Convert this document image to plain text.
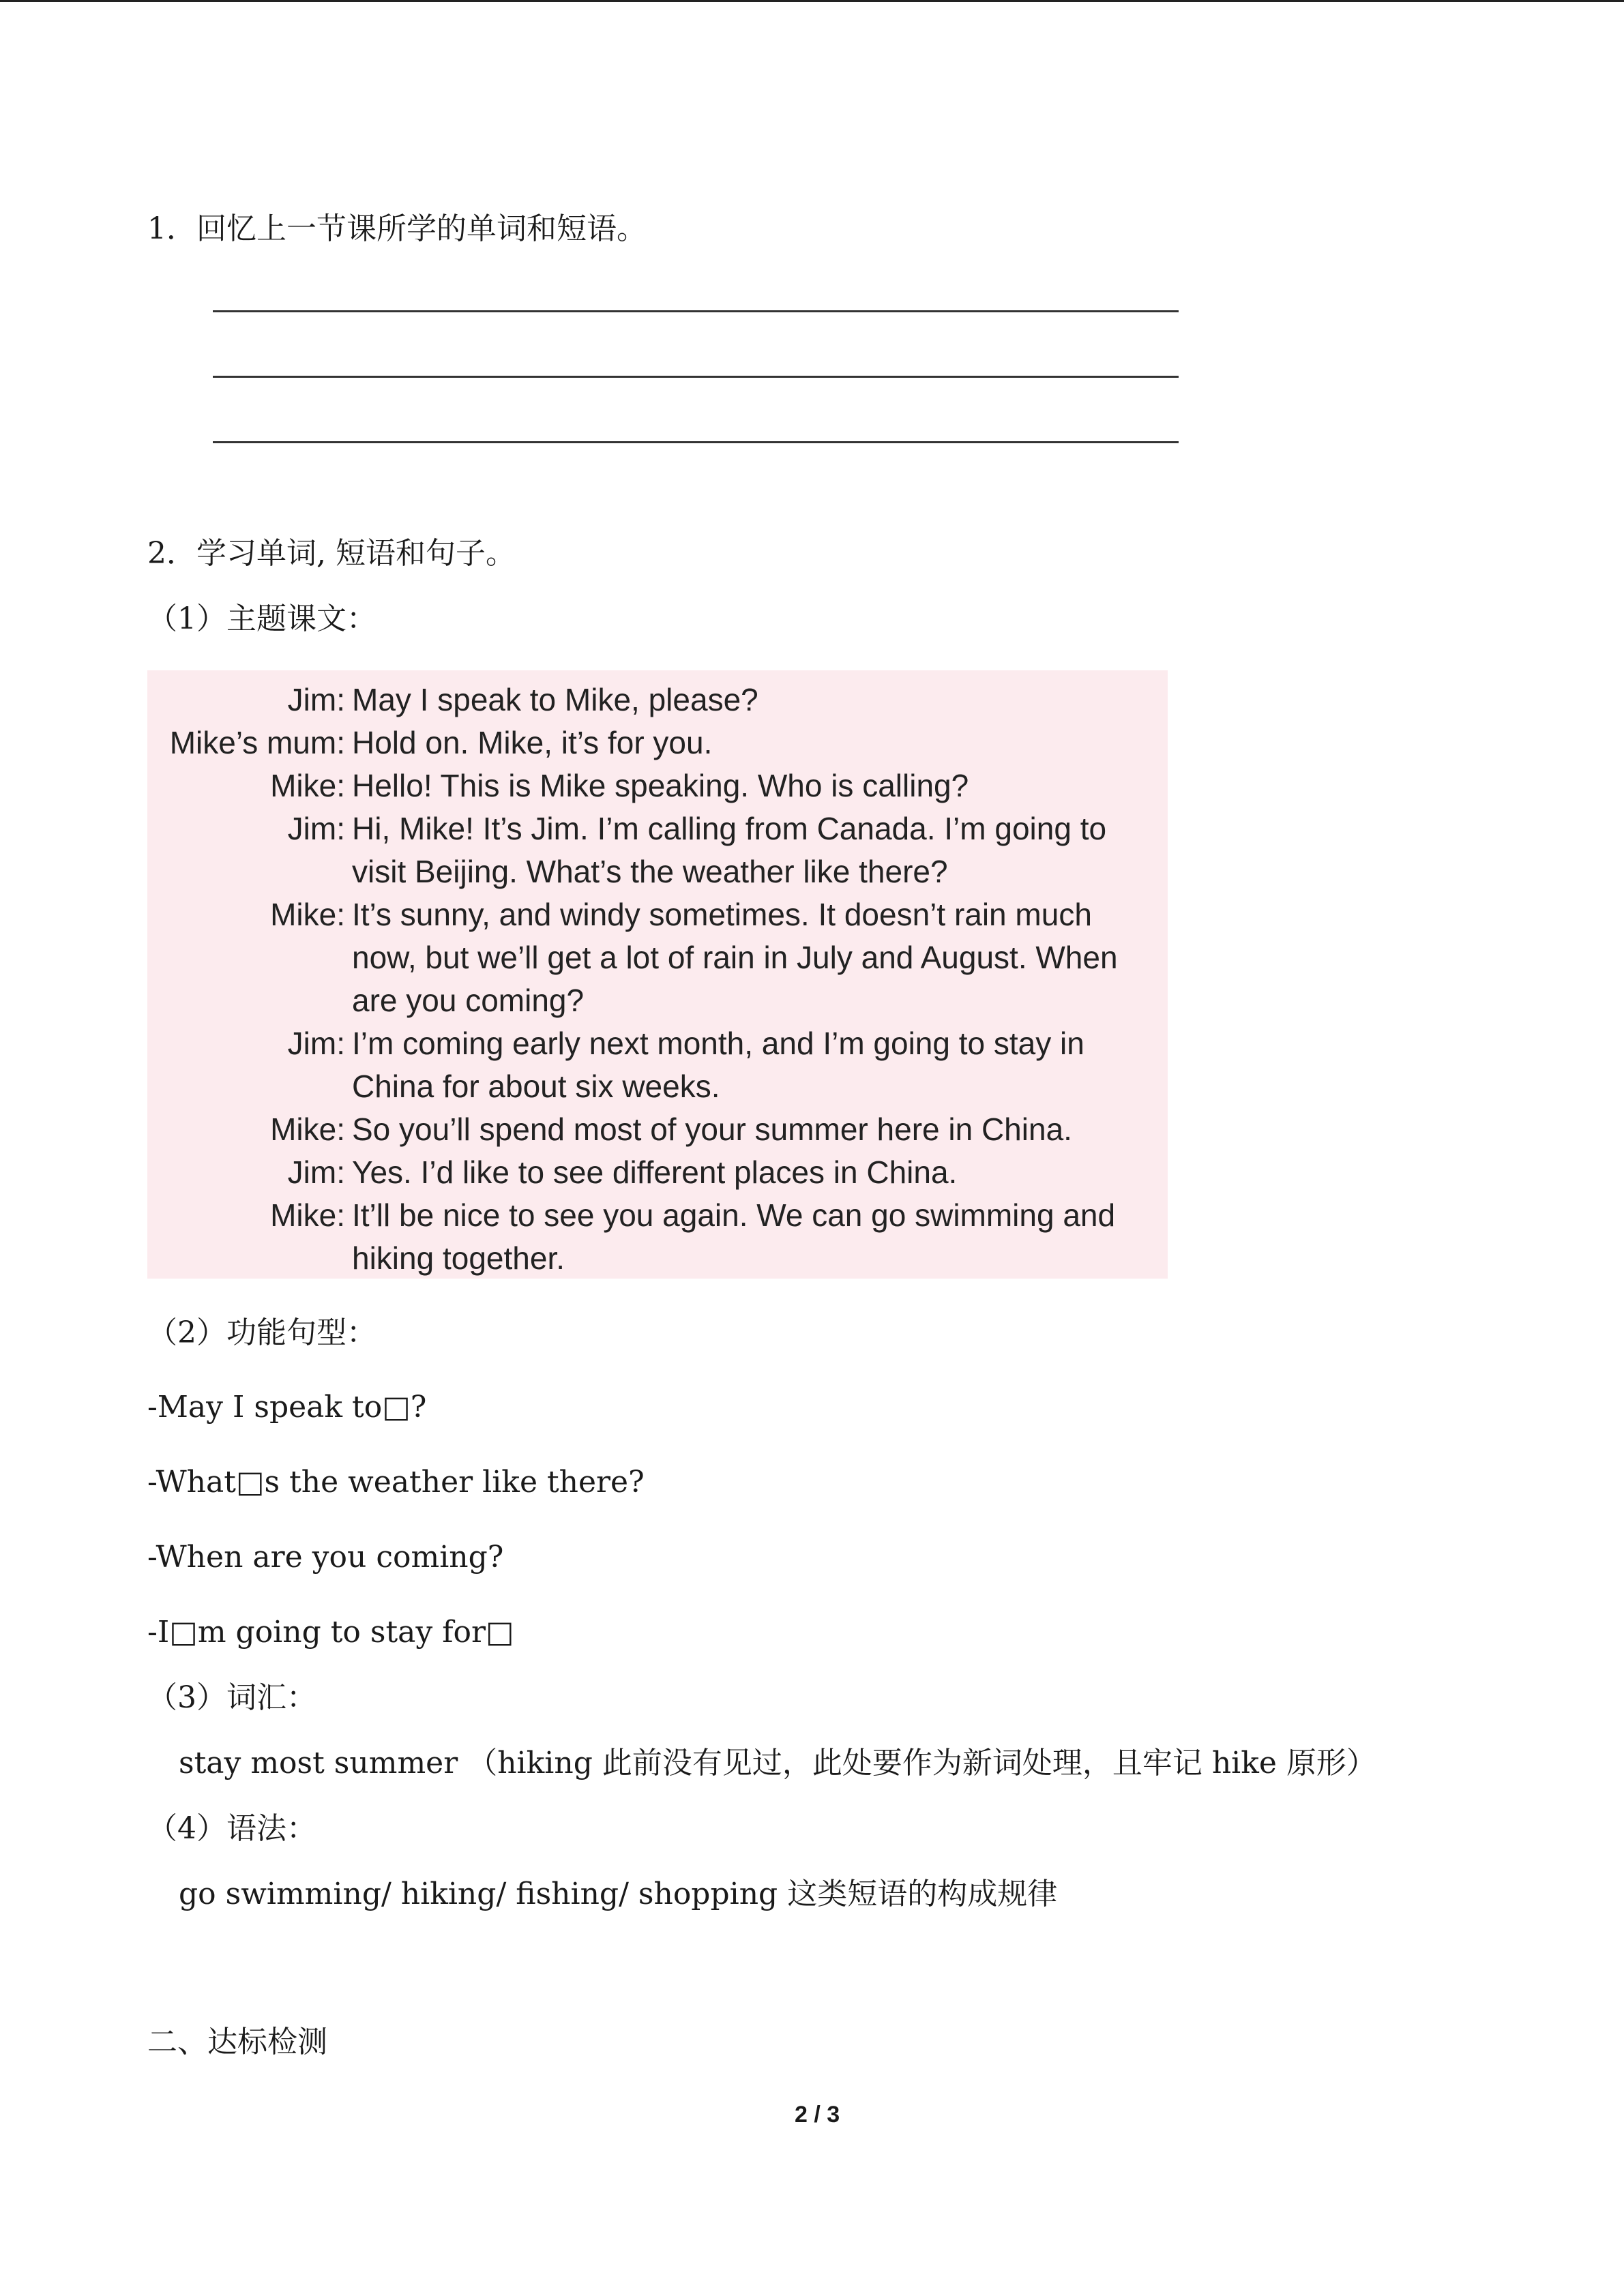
1．回忆上一节课所学的单词和短语。
2．学习单词, 短语和句子。
（1）主题课文：
Jim: May I speak to Mike, please?
Mike’s mum: Hold on. Mike, it’s for you.
Mike: Hello! This is Mike speaking. Who is calling?
Jim: Hi, Mike! It’s Jim. I’m calling from Canada. I’m going to
visit Beijing. What’s the weather like there?
Mike: It’s sunny, and windy sometimes. It doesn’t rain much
now, but we’ll get a lot of rain in July and August. When
are you coming?
Jim: I’m coming early next month, and I’m going to stay in
China for about six weeks.
Mike: So you’ll spend most of your summer here in China.
Jim: Yes. I’d like to see different places in China.
Mike: It’ll be nice to see you again. We can go swimming and
hiking together.
（2）功能句型：
-May I speak to□?
-What□s the weather like there?
-When are you coming?
-I□m going to stay for□
（3）词汇：
stay most summer （hiking 此前没有见过，此处要作为新词处理，且牢记 hike 原形）
（4）语法：
go swimming/ hiking/ fishing/ shopping 这类短语的构成规律
二、达标检测
2 / 3
